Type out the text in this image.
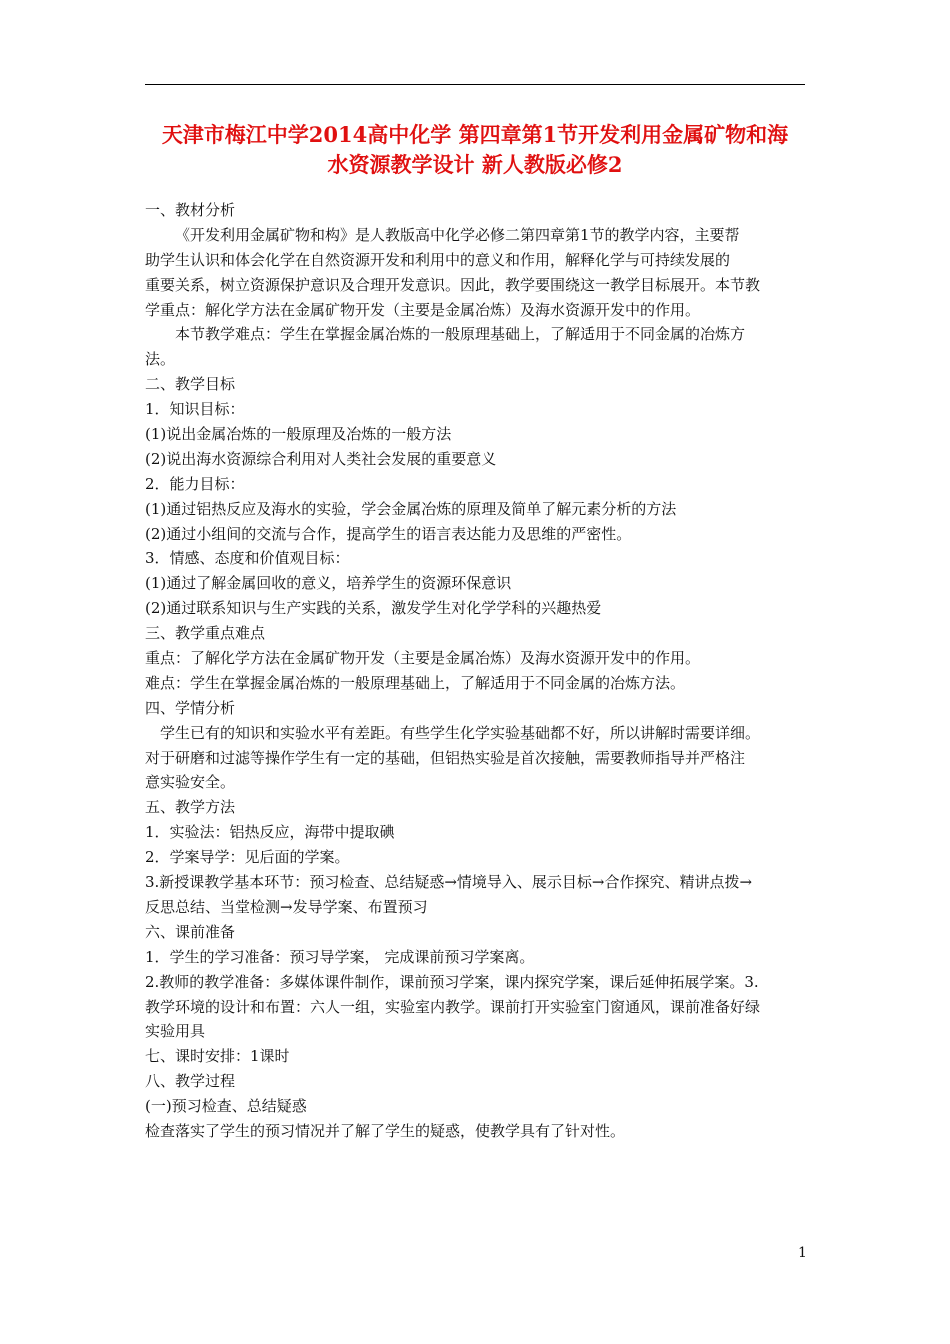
天津市梅江中学2014高中化学 第四章第1节开发利用金属矿物和海
水资源教学设计 新人教版必修2
一、教材分析
《开发利用金属矿物和构》是人教版高中化学必修二第四章第1节的教学内容，主要帮
助学生认识和体会化学在自然资源开发和利用中的意义和作用，解释化学与可持续发展的
重要关系，树立资源保护意识及合理开发意识。因此，教学要围绕这一教学目标展开。本节教
学重点：解化学方法在金属矿物开发（主要是金属冶炼）及海水资源开发中的作用。
本节教学难点：学生在掌握金属冶炼的一般原理基础上，了解适用于不同金属的冶炼方
法。
二、教学目标
1．知识目标：
(1)说出金属冶炼的一般原理及冶炼的一般方法
(2)说出海水资源综合利用对人类社会发展的重要意义
2．能力目标：
(1)通过铝热反应及海水的实验，学会金属冶炼的原理及简单了解元素分析的方法
(2)通过小组间的交流与合作，提高学生的语言表达能力及思维的严密性。
3．情感、态度和价值观目标：
(1)通过了解金属回收的意义，培养学生的资源环保意识
(2)通过联系知识与生产实践的关系，激发学生对化学学科的兴趣热爱
三、教学重点难点
重点：了解化学方法在金属矿物开发（主要是金属冶炼）及海水资源开发中的作用。
难点：学生在掌握金属冶炼的一般原理基础上，了解适用于不同金属的冶炼方法。
四、学情分析
学生已有的知识和实验水平有差距。有些学生化学实验基础都不好，所以讲解时需要详细。
对于研磨和过滤等操作学生有一定的基础，但铝热实验是首次接触，需要教师指导并严格注
意实验安全。
五、教学方法
1．实验法：铝热反应，海带中提取碘
2．学案导学：见后面的学案。
3.新授课教学基本环节：预习检查、总结疑惑→情境导入、展示目标→合作探究、精讲点拨→
反思总结、当堂检测→发导学案、布置预习
六、课前准备
1．学生的学习准备：预习导学案， 完成课前预习学案离。
2.教师的教学准备：多媒体课件制作，课前预习学案，课内探究学案，课后延伸拓展学案。3.
教学环境的设计和布置：六人一组，实验室内教学。课前打开实验室门窗通风，课前准备好绿
实验用具
七、课时安排：1课时
八、教学过程
(一)预习检查、总结疑惑
检查落实了学生的预习情况并了解了学生的疑惑，使教学具有了针对性。
1
